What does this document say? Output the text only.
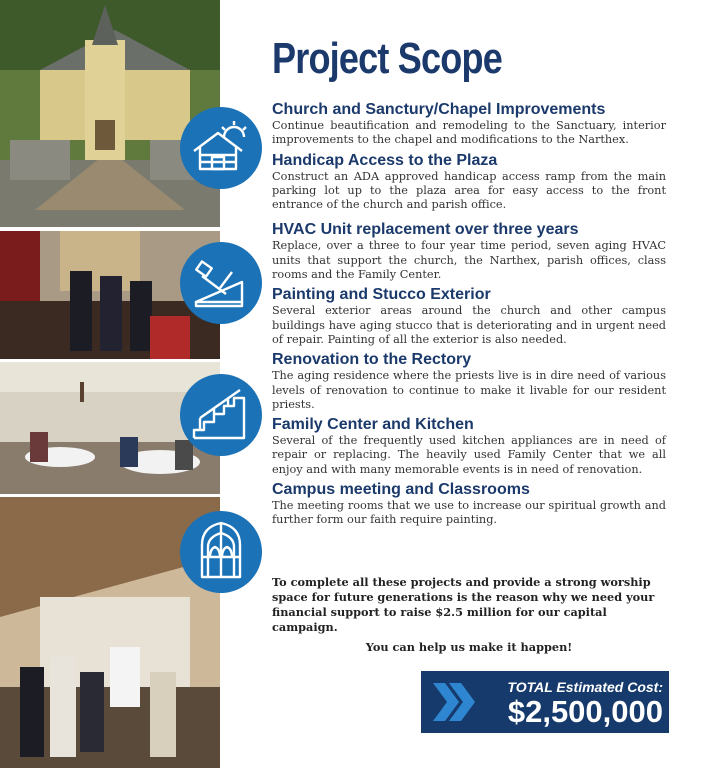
Project Scope
Church and Sanctury/Chapel Improvements

Continue beautification and remodeling to the Sanctuary, interior improvements to the chapel and modifications to the Narthex.

Handicap Access to the Plaza

Construct an ADA approved handicap access ramp from the main parking lot up to the plaza area for easy access to the front entrance of the church and parish office.

HVAC Unit replacement over three years

Replace, over a three to four year time period, seven aging HVAC units that support the church, the Narthex, parish offices, class rooms and the Family Center.

Painting and Stucco Exterior

Several exterior areas around the church and other campus buildings have aging stucco that is deteriorating and in urgent need of repair. Painting of all the exterior is also needed.

Renovation to the Rectory

The aging residence where the priests live is in dire need of various levels of renovation to continue to make it livable for our resident priests.

Family Center and Kitchen

Several of the frequently used kitchen appliances are in need of repair or replacing. The heavily used Family Center that we all enjoy and with many memorable events is in need of renovation.

Campus meeting and Classrooms

The meeting rooms that we use to increase our spiritual growth and further form our faith require painting.

To complete all these projects and provide a strong worship space for future generations is the reason why we need your financial support to raise $2.5 million for our capital campaign.

You can help us make it happen!

TOTAL Estimated Cost:
$2,500,000
